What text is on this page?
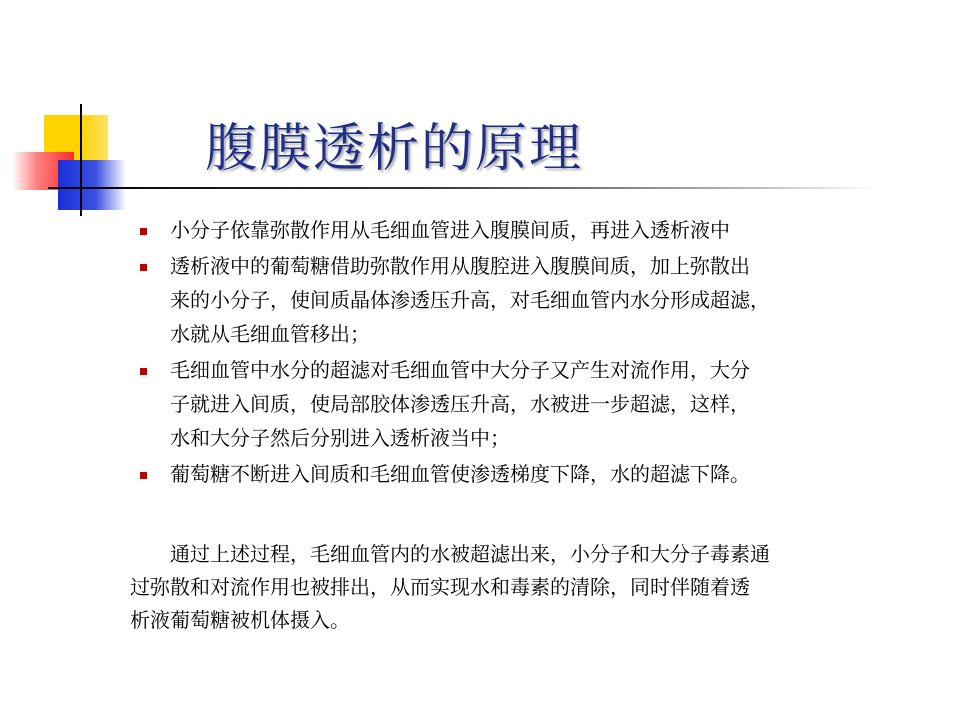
腹膜透析的原理
小分子依靠弥散作用从毛细血管进入腹膜间质，再进入透析液中
透析液中的葡萄糖借助弥散作用从腹腔进入腹膜间质，加上弥散出
来的小分子，使间质晶体渗透压升高，对毛细血管内水分形成超滤，
水就从毛细血管移出；
毛细血管中水分的超滤对毛细血管中大分子又产生对流作用，大分
子就进入间质，使局部胶体渗透压升高，水被进一步超滤，这样，
水和大分子然后分别进入透析液当中；
葡萄糖不断进入间质和毛细血管使渗透梯度下降，水的超滤下降。

　　通过上述过程，毛细血管内的水被超滤出来，小分子和大分子毒素通
过弥散和对流作用也被排出，从而实现水和毒素的清除，同时伴随着透
析液葡萄糖被机体摄入。
